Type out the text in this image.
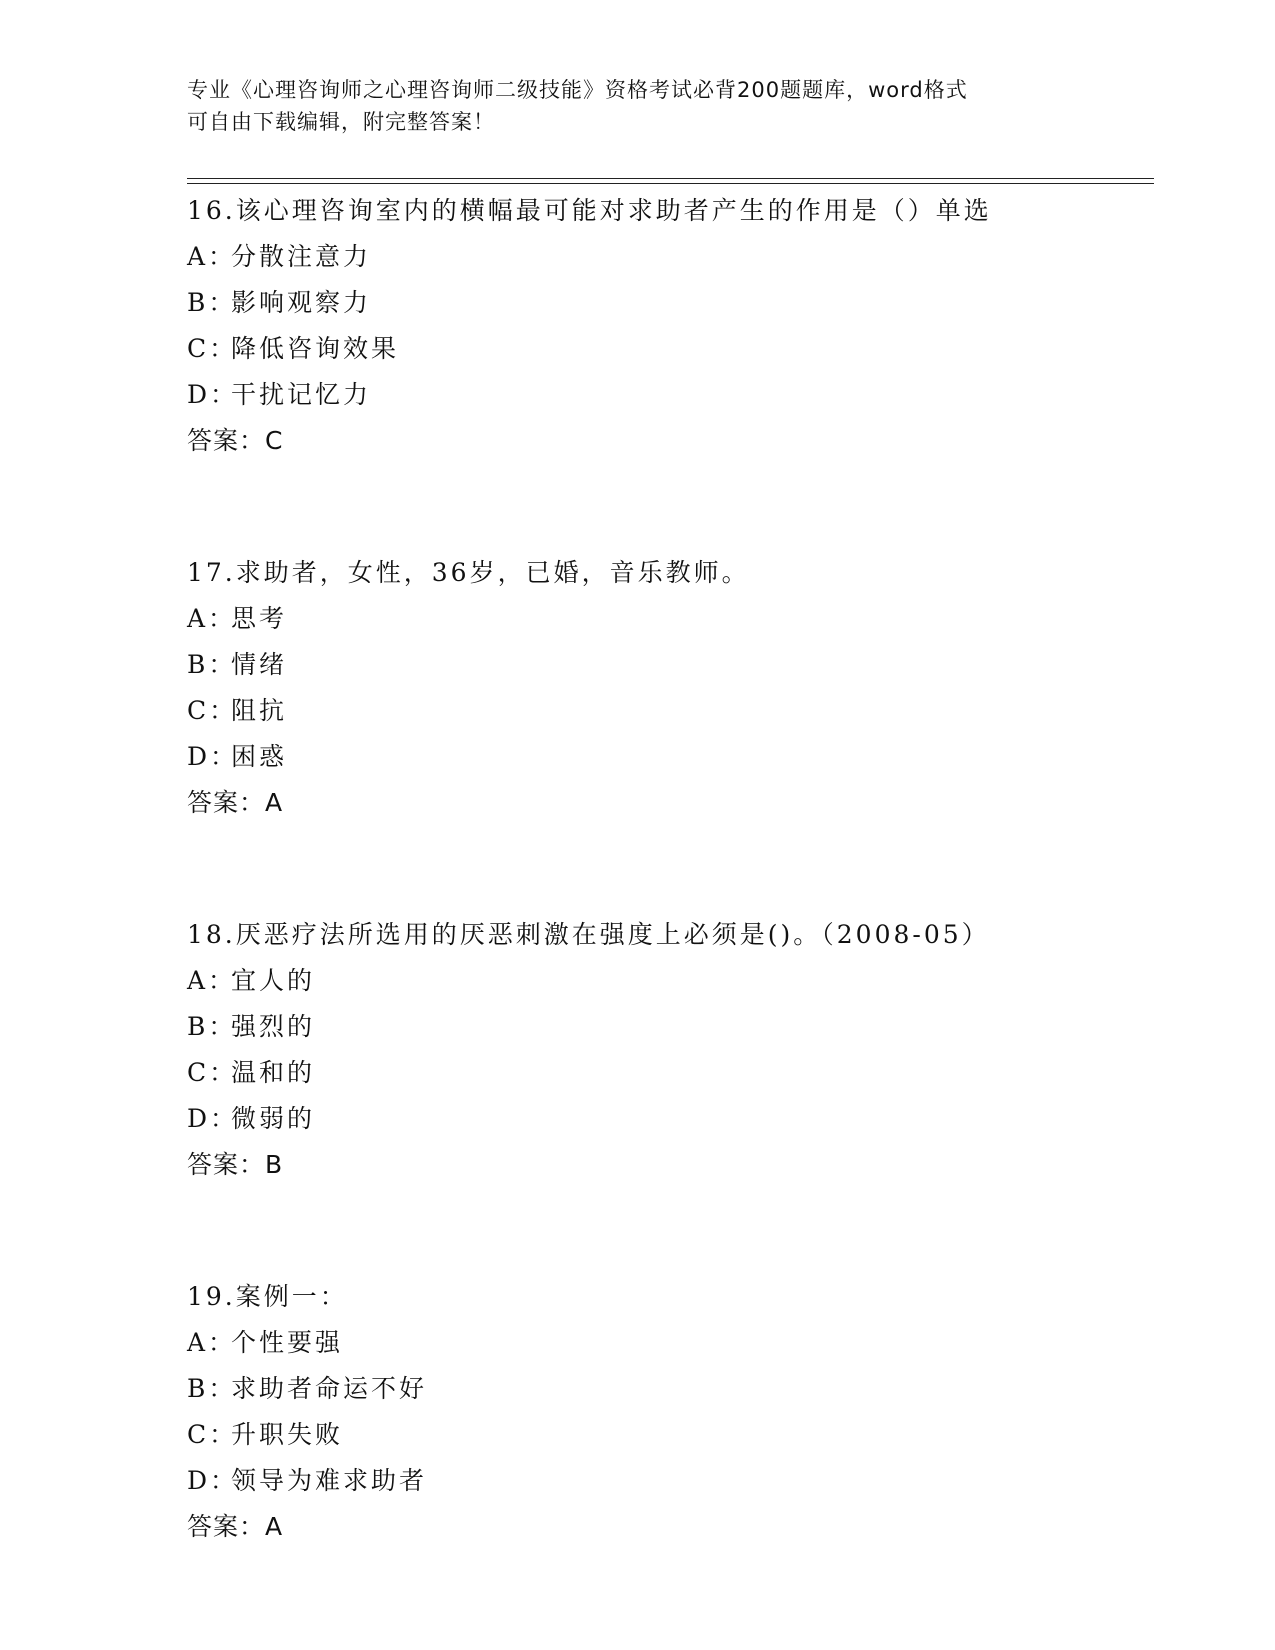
专业《心理咨询师之心理咨询师二级技能》资格考试必背200题题库，word格式
可自由下载编辑，附完整答案！
16.该心理咨询室内的横幅最可能对求助者产生的作用是（）单选
A：分散注意力
B：影响观察力
C：降低咨询效果
D：干扰记忆力
答案：C
17.求助者，女性，36岁，已婚，音乐教师。
A：思考
B：情绪
C：阻抗
D：困惑
答案：A
18.厌恶疗法所选用的厌恶刺激在强度上必须是()。（2008-05）
A：宜人的
B：强烈的
C：温和的
D：微弱的
答案：B
19.案例一：
A：个性要强
B：求助者命运不好
C：升职失败
D：领导为难求助者
答案：A
